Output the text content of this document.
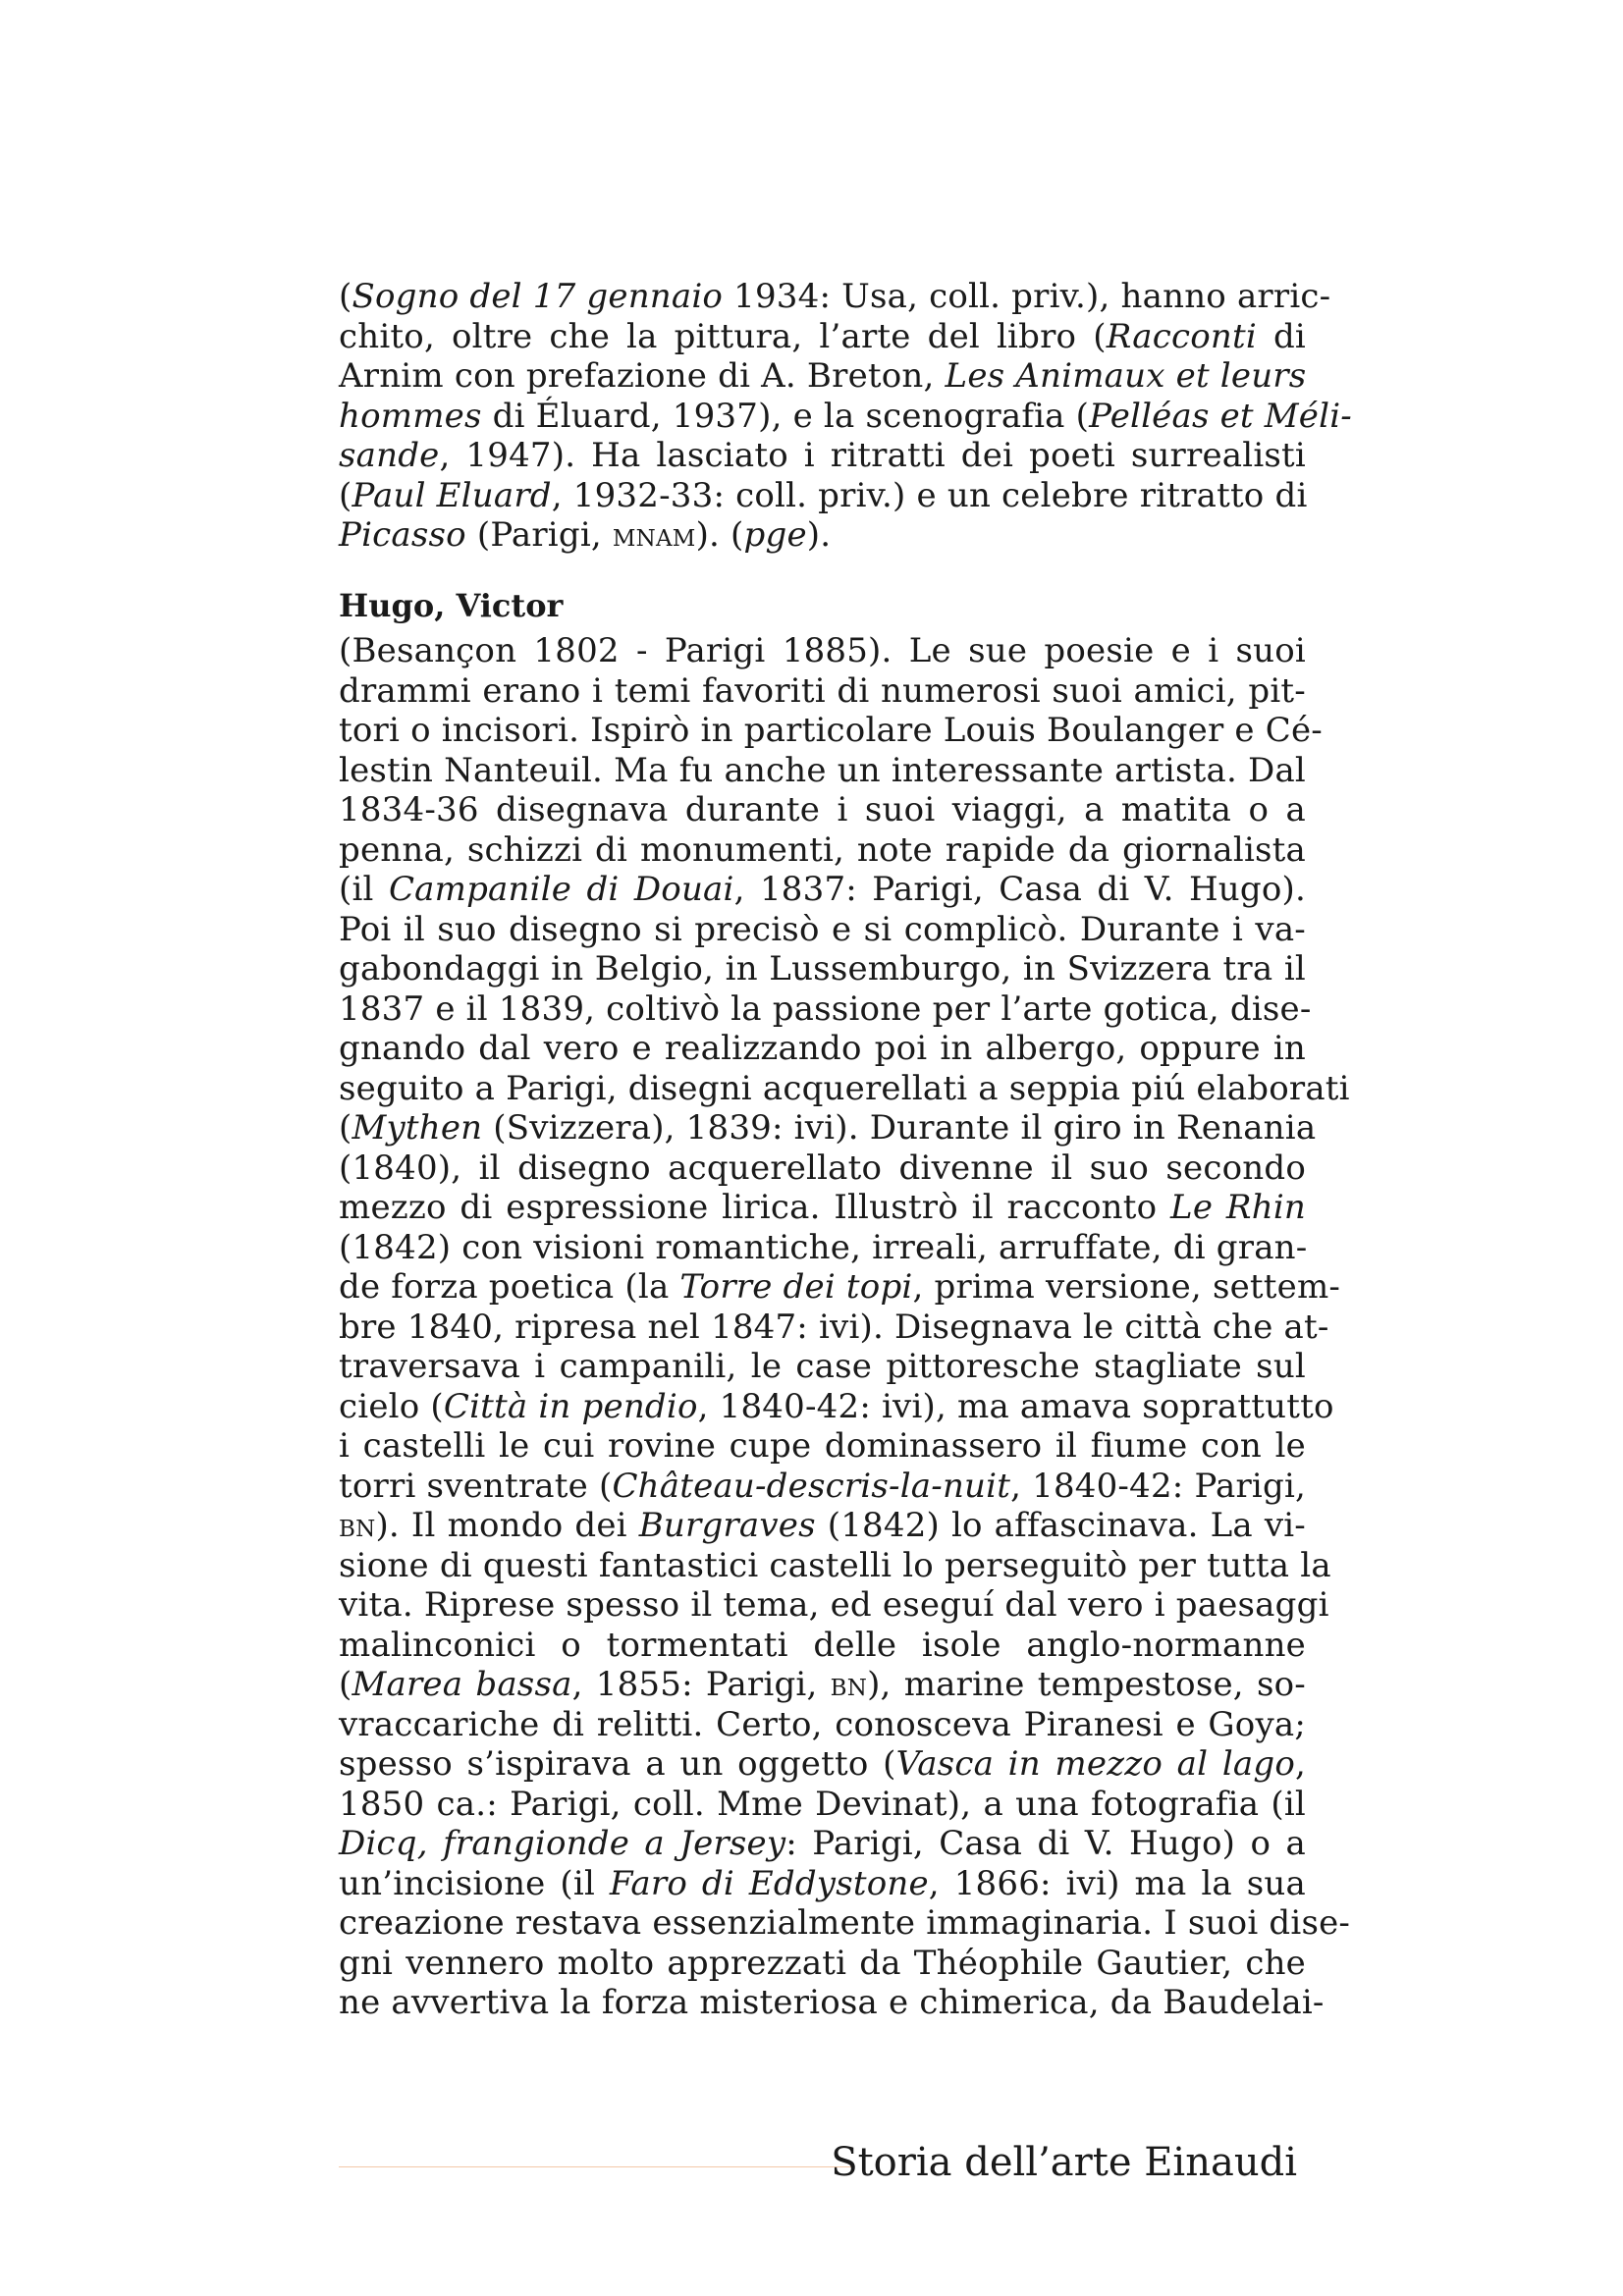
(Sogno del 17 gennaio 1934: Usa, coll. priv.), hanno arric-
chito, oltre che la pittura, l’arte del libro (Racconti di
Arnim con prefazione di A. Breton, Les Animaux et leurs
hommes di Éluard, 1937), e la scenografia (Pelléas et Méli-
sande, 1947). Ha lasciato i ritratti dei poeti surrealisti
(Paul Eluard, 1932-33: coll. priv.) e un celebre ritratto di
Picasso (Parigi, mnam). (pge).
Hugo, Victor
(Besançon 1802 - Parigi 1885). Le sue poesie e i suoi
drammi erano i temi favoriti di numerosi suoi amici, pit-
tori o incisori. Ispirò in particolare Louis Boulanger e Cé-
lestin Nanteuil. Ma fu anche un interessante artista. Dal
1834-36 disegnava durante i suoi viaggi, a matita o a
penna, schizzi di monumenti, note rapide da giornalista
(il Campanile di Douai, 1837: Parigi, Casa di V. Hugo).
Poi il suo disegno si precisò e si complicò. Durante i va-
gabondaggi in Belgio, in Lussemburgo, in Svizzera tra il
1837 e il 1839, coltivò la passione per l’arte gotica, dise-
gnando dal vero e realizzando poi in albergo, oppure in
seguito a Parigi, disegni acquerellati a seppia piú elaborati
(Mythen (Svizzera), 1839: ivi). Durante il giro in Renania
(1840), il disegno acquerellato divenne il suo secondo
mezzo di espressione lirica. Illustrò il racconto Le Rhin
(1842) con visioni romantiche, irreali, arruffate, di gran-
de forza poetica (la Torre dei topi, prima versione, settem-
bre 1840, ripresa nel 1847: ivi). Disegnava le città che at-
traversava i campanili, le case pittoresche stagliate sul
cielo (Città in pendio, 1840-42: ivi), ma amava soprattutto
i castelli le cui rovine cupe dominassero il fiume con le
torri sventrate (Château-descris-la-nuit, 1840-42: Parigi,
bn). Il mondo dei Burgraves (1842) lo affascinava. La vi-
sione di questi fantastici castelli lo perseguitò per tutta la
vita. Riprese spesso il tema, ed eseguí dal vero i paesaggi
malinconici o tormentati delle isole anglo-normanne
(Marea bassa, 1855: Parigi, bn), marine tempestose, so-
vraccariche di relitti. Certo, conosceva Piranesi e Goya;
spesso s’ispirava a un oggetto (Vasca in mezzo al lago,
1850 ca.: Parigi, coll. Mme Devinat), a una fotografia (il
Dicq, frangionde a Jersey: Parigi, Casa di V. Hugo) o a
un’incisione (il Faro di Eddystone, 1866: ivi) ma la sua
creazione restava essenzialmente immaginaria. I suoi dise-
gni vennero molto apprezzati da Théophile Gautier, che
ne avvertiva la forza misteriosa e chimerica, da Baudelai-
Storia dell’arte Einaudi
